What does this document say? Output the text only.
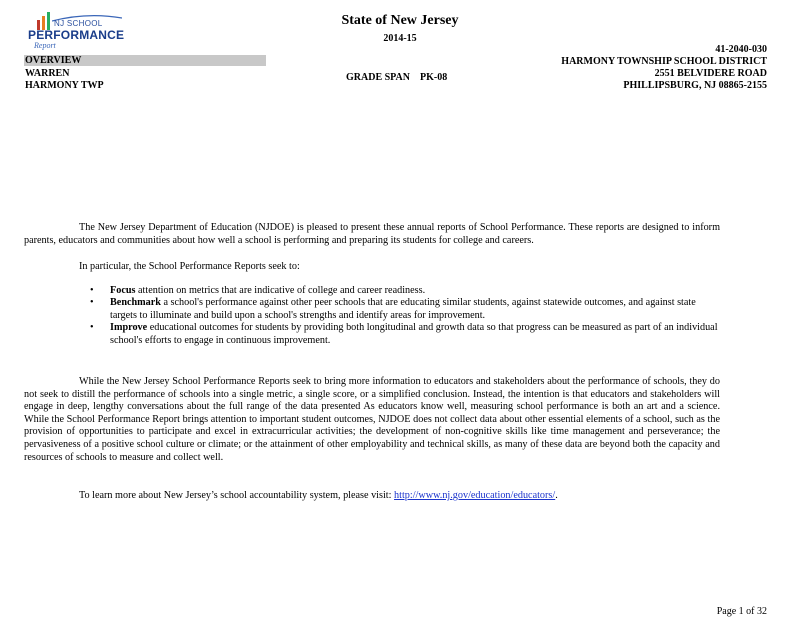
NJ SCHOOL
PERFORMANCE
Report
State of New Jersey
2014-15
OVERVIEW
WARREN
HARMONY TWP
GRADE SPAN PK-08
41-2040-030
HARMONY TOWNSHIP SCHOOL DISTRICT
2551 BELVIDERE ROAD
PHILLIPSBURG, NJ 08865-2155
The New Jersey Department of Education (NJDOE) is pleased to present these annual reports of School Performance. These reports are designed to inform parents, educators and communities about how well a school is performing and preparing its students for college and careers.
In particular, the School Performance Reports seek to:
• Focus attention on metrics that are indicative of college and career readiness.
• Benchmark a school's performance against other peer schools that are educating similar students, against statewide outcomes, and against state targets to illuminate and build upon a school's strengths and identify areas for improvement.
• Improve educational outcomes for students by providing both longitudinal and growth data so that progress can be measured as part of an individual school's efforts to engage in continuous improvement.
While the New Jersey School Performance Reports seek to bring more information to educators and stakeholders about the performance of schools, they do not seek to distill the performance of schools into a single metric, a single score, or a simplified conclusion. Instead, the intention is that educators and stakeholders will engage in deep, lengthy conversations about the full range of the data presented As educators know well, measuring school performance is both an art and a science. While the School Performance Report brings attention to important student outcomes, NJDOE does not collect data about other essential elements of a school, such as the provision of opportunities to participate and excel in extracurricular activities; the development of non-cognitive skills like time management and perseverance; the pervasiveness of a positive school culture or climate; or the attainment of other employability and technical skills, as many of these data are beyond both the capacity and resources of schools to measure and collect well.
To learn more about New Jersey’s school accountability system, please visit: http://www.nj.gov/education/educators/.
Page 1 of 32
